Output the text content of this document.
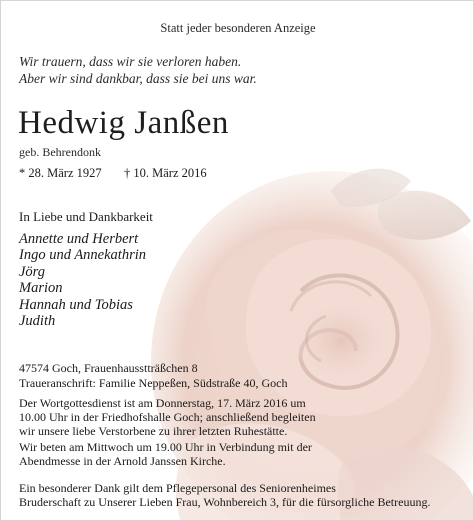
Statt jeder besonderen Anzeige
Wir trauern, dass wir sie verloren haben.
Aber wir sind dankbar, dass sie bei uns war.
Hedwig Janßen
geb. Behrendonk
* 28. März 1927 † 10. März 2016
In Liebe und Dankbarkeit
Annette und Herbert
Ingo und Annekathrin
Jörg
Marion
Hannah und Tobias
Judith
47574 Goch, Frauenhausstträßchen 8
Traueranschrift: Familie Neppeßen, Südstraße 40, Goch
Der Wortgottesdienst ist am Donnerstag, 17. März 2016 um
10.00 Uhr in der Friedhofshalle Goch; anschließend begleiten
wir unsere liebe Verstorbene zu ihrer letzten Ruhestätte.
Wir beten am Mittwoch um 19.00 Uhr in Verbindung mit der
Abendmesse in der Arnold Janssen Kirche.
Ein besonderer Dank gilt dem Pflegepersonal des Seniorenheimes
Bruderschaft zu Unserer Lieben Frau, Wohnbereich 3, für die fürsorgliche Betreuung.
